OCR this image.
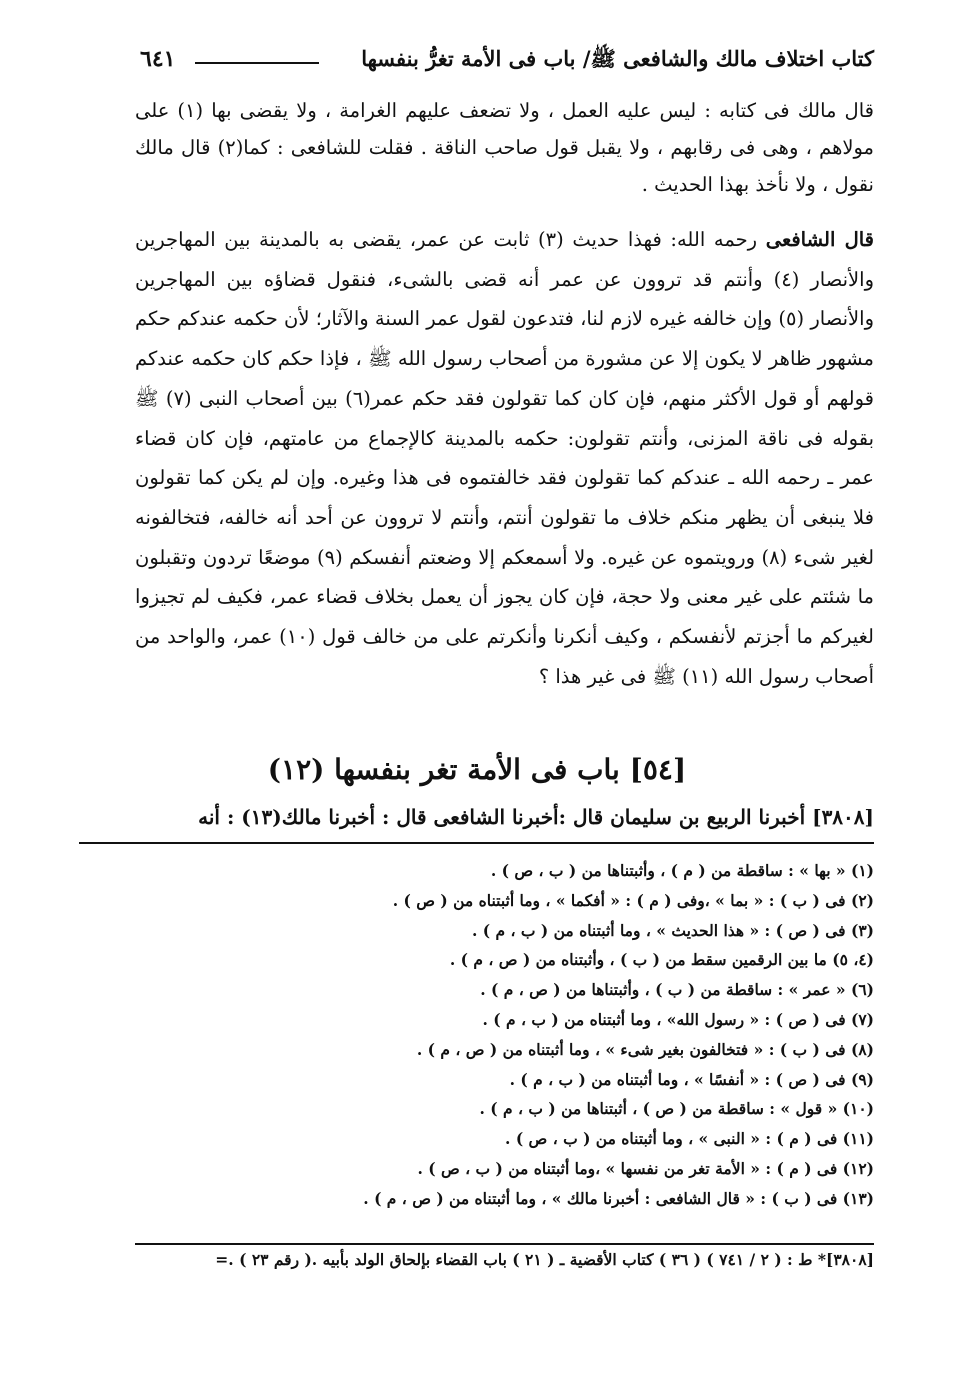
كتاب اختلاف مالك والشافعى ﷺ/ باب فى الأمة تغرُّ بنفسها
٦٤١

قال مالك فى كتابه : ليس عليه العمل ، ولا تضعف عليهم الغرامة ، ولا يقضى بها (١) على مولاهم ، وهى فى رقابهم ، ولا يقبل قول صاحب الناقة . فقلت للشافعى : كما(٢) قال مالك نقول ، ولا نأخذ بهذا الحديث .

قال الشافعى رحمه الله: فهذا حديث (٣) ثابت عن عمر، يقضى به بالمدينة بين المهاجرين والأنصار (٤) وأنتم قد تروون عن عمر أنه قضى بالشىء، فنقول قضاؤه بين المهاجرين والأنصار (٥) وإن خالفه غيره لازم لنا، فتدعون لقول عمر السنة والآثار؛ لأن حكمه عندكم حكم مشهور ظاهر لا يكون إلا عن مشورة من أصحاب رسول الله ﷺ ، فإذا حكم كان حكمه عندكم قولهم أو قول الأكثر منهم، فإن كان كما تقولون فقد حكم عمر(٦) بين أصحاب النبى (٧) ﷺ بقوله فى ناقة المزنى، وأنتم تقولون: حكمه بالمدينة كالإجماع من عامتهم، فإن كان قضاء عمر ـ رحمه الله ـ عندكم كما تقولون فقد خالفتموه فى هذا وغيره. وإن لم يكن كما تقولون فلا ينبغى أن يظهر منكم خلاف ما تقولون أنتم، وأنتم لا تروون عن أحد أنه خالفه، فتخالفونه لغير شىء (٨) ورويتموه عن غيره. ولا أسمعكم إلا وضعتم أنفسكم (٩) موضعًا تردون وتقبلون ما شئتم على غير معنى ولا حجة، فإن كان يجوز أن يعمل بخلاف قضاء عمر، فكيف لم تجيزوا لغيركم ما أجزتم لأنفسكم ، وكيف أنكرنا وأنكرتم على من خالف قول (١٠) عمر، والواحد من أصحاب رسول الله (١١) ﷺ فى غير هذا ؟

[٥٤] باب فى الأمة تغر بنفسها (١٢)
[٣٨٠٨] أخبرنا الربيع بن سليمان قال :أخبرنا الشافعى قال : أخبرنا مالك(١٣) : أنه
(١) « بها » : ساقطة من ( م ) ، وأثبتناها من ( ب ، ص ) .
(٢) فى ( ب ) : « بما » ،وفى ( م ) : « أفكما » ، وما أثبتناه من ( ص ) .
(٣) فى ( ص ) : « هذا الحديث » ، وما أثبتناه من ( ب ، م ) .
(٤، ٥) ما بين الرقمين سقط من ( ب ) ، وأثبتناه من ( ص ، م ) .
(٦) « عمر » : ساقطة من ( ب ) ، وأثبتناها من ( ص ، م ) .
(٧) فى ( ص ) : « رسول الله» ، وما أثبتناه من ( ب ، م ) .
(٨) فى ( ب ) : « فتخالفون بغير شىء » ، وما أثبتناه من ( ص ، م ) .
(٩) فى ( ص ) : « أنفسًا » ، وما أثبتناه من ( ب ، م ) .
(١٠) « قول » : ساقطة من ( ص ) ، أثبتناها من ( ب ، م ) .
(١١) فى ( م ) : « النبى » ، وما أثبتناه من ( ب ، ص ) .
(١٢) فى ( م ) : « الأمة تغر من نفسها » ،وما أثبتناه من ( ب ، ص ) .
(١٣) فى ( ب ) : « قال الشافعى : أخبرنا مالك » ، وما أثبتناه من ( ص ، م ) .
[٣٨٠٨]* ط : ( ٢ / ٧٤١ ) ( ٣٦ ) كتاب الأقضية ـ ( ٢١ ) باب القضاء بإلحاق الولد بأبيه .( رقم ٢٣ ) .=
